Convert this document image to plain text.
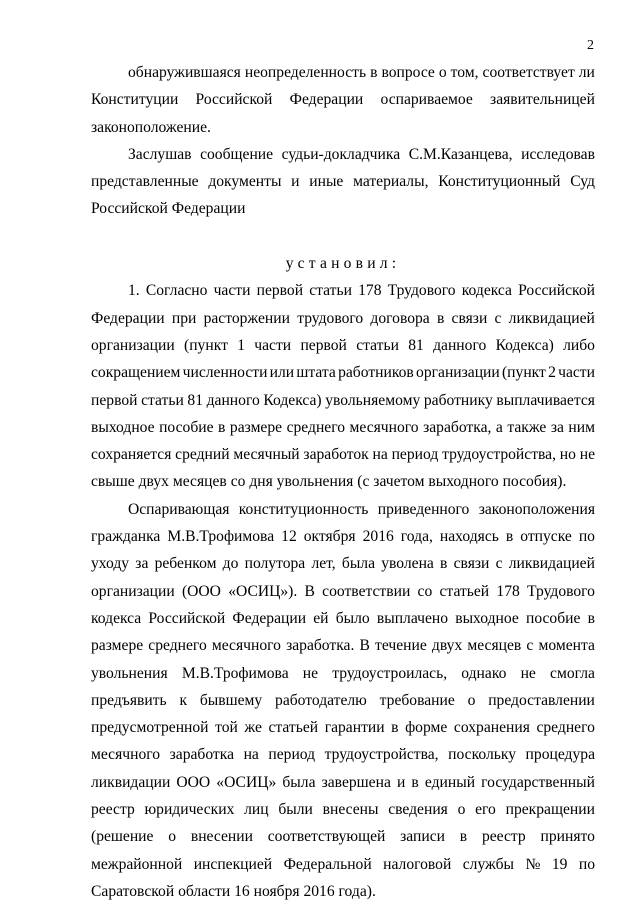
2
обнаружившаяся неопределенность в вопросе о том, соответствует ли
Конституции Российской Федерации оспариваемое заявительницей
законоположение.
Заслушав сообщение судьи-докладчика С.М.Казанцева, исследовав
представленные документы и иные материалы, Конституционный Суд
Российской
Федерации
установил:
1. Согласно части первой статьи 178 Трудового кодекса Российской
Федерации при расторжении трудового договора в связи с ликвидацией
организации (пункт 1 части первой статьи 81 данного Кодекса) либо
сокращением численности или штата работников организации (пункт 2 части
первой статьи 81 данного Кодекса) увольняемому работнику выплачивается
выходное пособие в размере среднего месячного заработка, а также за ним
сохраняется средний месячный заработок на период трудоустройства, но не
свыше
двух
месяцев
со
дня
увольнения
(с
зачетом
выходного
пособия).
Оспаривающая конституционность приведенного законоположения
гражданка М.В.Трофимова 12 октября 2016 года, находясь в отпуске по
уходу за ребенком до полутора лет, была уволена в связи с ликвидацией
организации (ООО «ОСИЦ»). В соответствии со статьей 178 Трудового
кодекса Российской Федерации ей было выплачено выходное пособие в
размере среднего месячного заработка. В течение двух месяцев с момента
увольнения М.В.Трофимова не трудоустроилась, однако не смогла
предъявить к бывшему работодателю требование о предоставлении
предусмотренной той же статьей гарантии в форме сохранения среднего
месячного заработка на период трудоустройства, поскольку процедура
ликвидации ООО «ОСИЦ» была завершена и в единый государственный
реестр юридических лиц были внесены сведения о его прекращении
(решение о внесении соответствующей записи в реестр принято
межрайонной инспекцией Федеральной налоговой службы № 19 по
Саратовской
области
16
ноября
2016
года).
